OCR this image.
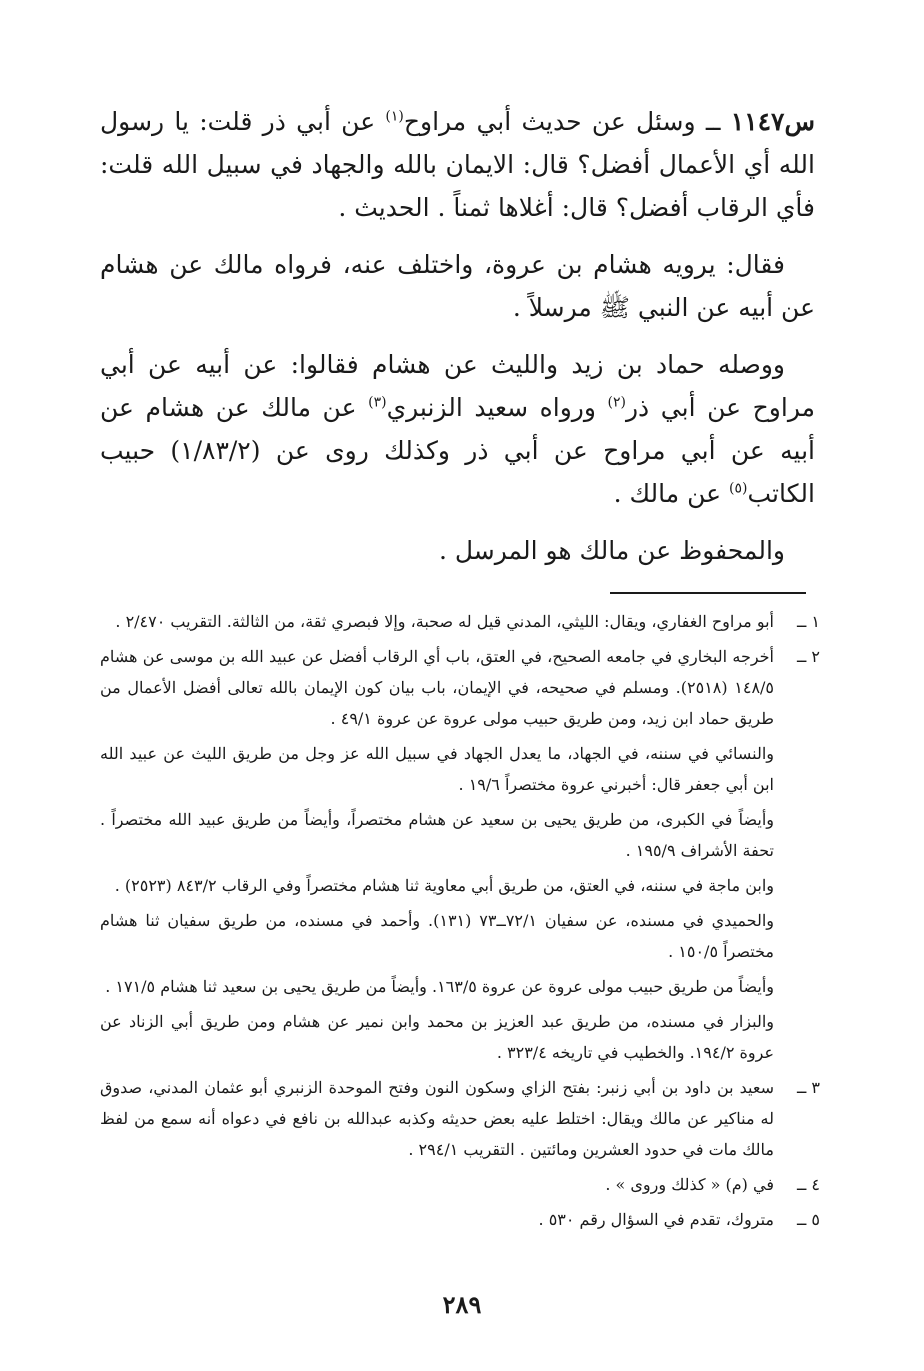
س١١٤٧ ــ وسئل عن حديث أبي مراوح$^{(١)}$ عن أبي ذر قلت: يا رسول الله أي الأعمال أفضل؟ قال: الايمان بالله والجهاد في سبيل الله قلت: فأي الرقاب أفضل؟ قال: أغلاها ثمناً . الحديث .

فقال: يرويه هشام بن عروة، واختلف عنه، فرواه مالك عن هشام عن أبيه عن النبي ﷺ مرسلاً .

ووصله حماد بن زيد والليث عن هشام فقالوا: عن أبيه عن أبي مراوح عن أبي ذر$^{(٢)}$ ورواه سعيد الزنبري$^{(٣)}$ عن مالك عن هشام عن أبيه عن أبي مراوح عن أبي ذر وكذلك روى عن (١/٨٣/٢) حبيب الكاتب$^{(٥)}$ عن مالك .

والمحفوظ عن مالك هو المرسل .

١ ــ

أبو مراوح الغفاري، ويقال: الليثي، المدني قيل له صحبة، وإلا فبصري ثقة، من الثالثة. التقريب ٢/٤٧٠ .

٢ ــ

أخرجه البخاري في جامعه الصحيح، في العتق، باب أي الرقاب أفضل عن عبيد الله بن موسى عن هشام ١٤٨/٥ (٢٥١٨). ومسلم في صحيحه، في الإيمان، باب بيان كون الإيمان بالله تعالى أفضل الأعمال من طريق حماد ابن زيد، ومن طريق حبيب مولى عروة عن عروة ٤٩/١ .

والنسائي في سننه، في الجهاد، ما يعدل الجهاد في سبيل الله عز وجل من طريق الليث عن عبيد الله ابن أبي جعفر قال: أخبرني عروة مختصراً ١٩/٦ .

وأيضاً في الكبرى، من طريق يحيى بن سعيد عن هشام مختصراً، وأيضاً من طريق عبيد الله مختصراً . تحفة الأشراف ١٩٥/٩ .

وابن ماجة في سننه، في العتق، من طريق أبي معاوية ثنا هشام مختصراً وفي الرقاب ٨٤٣/٢ (٢٥٢٣) .

والحميدي في مسنده، عن سفيان ٧٢/١ــ٧٣ (١٣١). وأحمد في مسنده، من طريق سفيان ثنا هشام مختصراً ١٥٠/٥ .

وأيضاً من طريق حبيب مولى عروة عن عروة ١٦٣/٥. وأيضاً من طريق يحيى بن سعيد ثنا هشام ١٧١/٥ .

والبزار في مسنده، من طريق عبد العزيز بن محمد وابن نمير عن هشام ومن طريق أبي الزناد عن عروة ١٩٤/٢. والخطيب في تاريخه ٣٢٣/٤ .

٣ ــ

سعيد بن داود بن أبي زنبر: بفتح الزاي وسكون النون وفتح الموحدة الزنبري أبو عثمان المدني، صدوق له مناكير عن مالك ويقال: اختلط عليه بعض حديثه وكذبه عبدالله بن نافع في دعواه أنه سمع من لفظ مالك مات في حدود العشرين ومائتين . التقريب ٢٩٤/١ .

٤ ــ

في (م) « كذلك وروى » .

٥ ــ

متروك، تقدم في السؤال رقم ٥٣٠ .

٢٨٩
